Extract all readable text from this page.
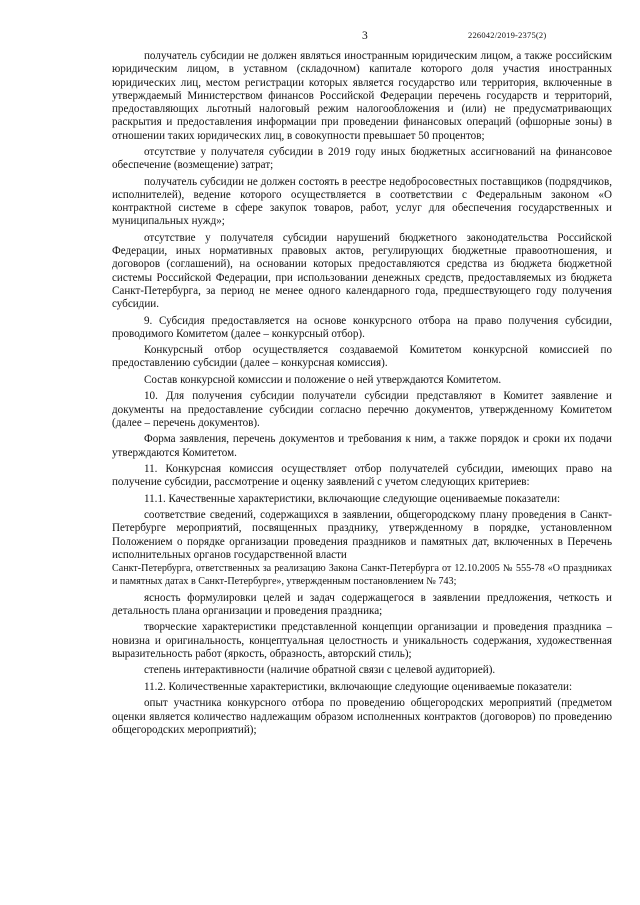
3	226042/2019-2375(2)

получатель субсидии не должен являться иностранным юридическим лицом, а также российским юридическим лицом, в уставном (складочном) капитале которого доля участия иностранных юридических лиц, местом регистрации которых является государство или территория, включенные в утверждаемый Министерством финансов Российской Федерации перечень государств и территорий, предоставляющих льготный налоговый режим налогообложения и (или) не предусматривающих раскрытия и предоставления информации при проведении финансовых операций (офшорные зоны) в отношении таких юридических лиц, в совокупности превышает 50 процентов;

отсутствие у получателя субсидии в 2019 году иных бюджетных ассигнований на финансовое обеспечение (возмещение) затрат;

получатель субсидии не должен состоять в реестре недобросовестных поставщиков (подрядчиков, исполнителей), ведение которого осуществляется в соответствии с Федеральным законом «О контрактной системе в сфере закупок товаров, работ, услуг для обеспечения государственных и муниципальных нужд»;

отсутствие у получателя субсидии нарушений бюджетного законодательства Российской Федерации, иных нормативных правовых актов, регулирующих бюджетные правоотношения, и договоров (соглашений), на основании которых предоставляются средства из бюджета бюджетной системы Российской Федерации, при использовании денежных средств, предоставляемых из бюджета Санкт-Петербурга, за период не менее одного календарного года, предшествующего году получения субсидии.

9. Субсидия предоставляется на основе конкурсного отбора на право получения субсидии, проводимого Комитетом (далее – конкурсный отбор).

Конкурсный отбор осуществляется создаваемой Комитетом конкурсной комиссией по предоставлению субсидии (далее – конкурсная комиссия).

Состав конкурсной комиссии и положение о ней утверждаются Комитетом.

10. Для получения субсидии получатели субсидии представляют в Комитет заявление и документы на предоставление субсидии согласно перечню документов, утвержденному Комитетом (далее – перечень документов).

Форма заявления, перечень документов и требования к ним, а также порядок и сроки их подачи утверждаются Комитетом.

11. Конкурсная комиссия осуществляет отбор получателей субсидии, имеющих право на получение субсидии, рассмотрение и оценку заявлений с учетом следующих критериев:

11.1. Качественные характеристики, включающие следующие оцениваемые показатели:

соответствие сведений, содержащихся в заявлении, общегородскому плану проведения в Санкт-Петербурге мероприятий, посвященных празднику, утвержденному в порядке, установленном Положением о порядке организации проведения праздников и памятных дат, включенных в Перечень исполнительных органов государственной власти

Санкт-Петербурга, ответственных за реализацию Закона Санкт-Петербурга от 12.10.2005 № 555-78 «О праздниках и памятных датах в Санкт-Петербурге», утвержденным постановлением № 743;

ясность формулировки целей и задач содержащегося в заявлении предложения, четкость и детальность плана организации и проведения праздника;

творческие характеристики представленной концепции организации и проведения праздника – новизна и оригинальность, концептуальная целостность и уникальность содержания, художественная выразительность работ (яркость, образность, авторский стиль);

степень интерактивности (наличие обратной связи с целевой аудиторией).

11.2. Количественные характеристики, включающие следующие оцениваемые показатели:

опыт участника конкурсного отбора по проведению общегородских мероприятий (предметом оценки является количество надлежащим образом исполненных контрактов (договоров) по проведению общегородских мероприятий);
